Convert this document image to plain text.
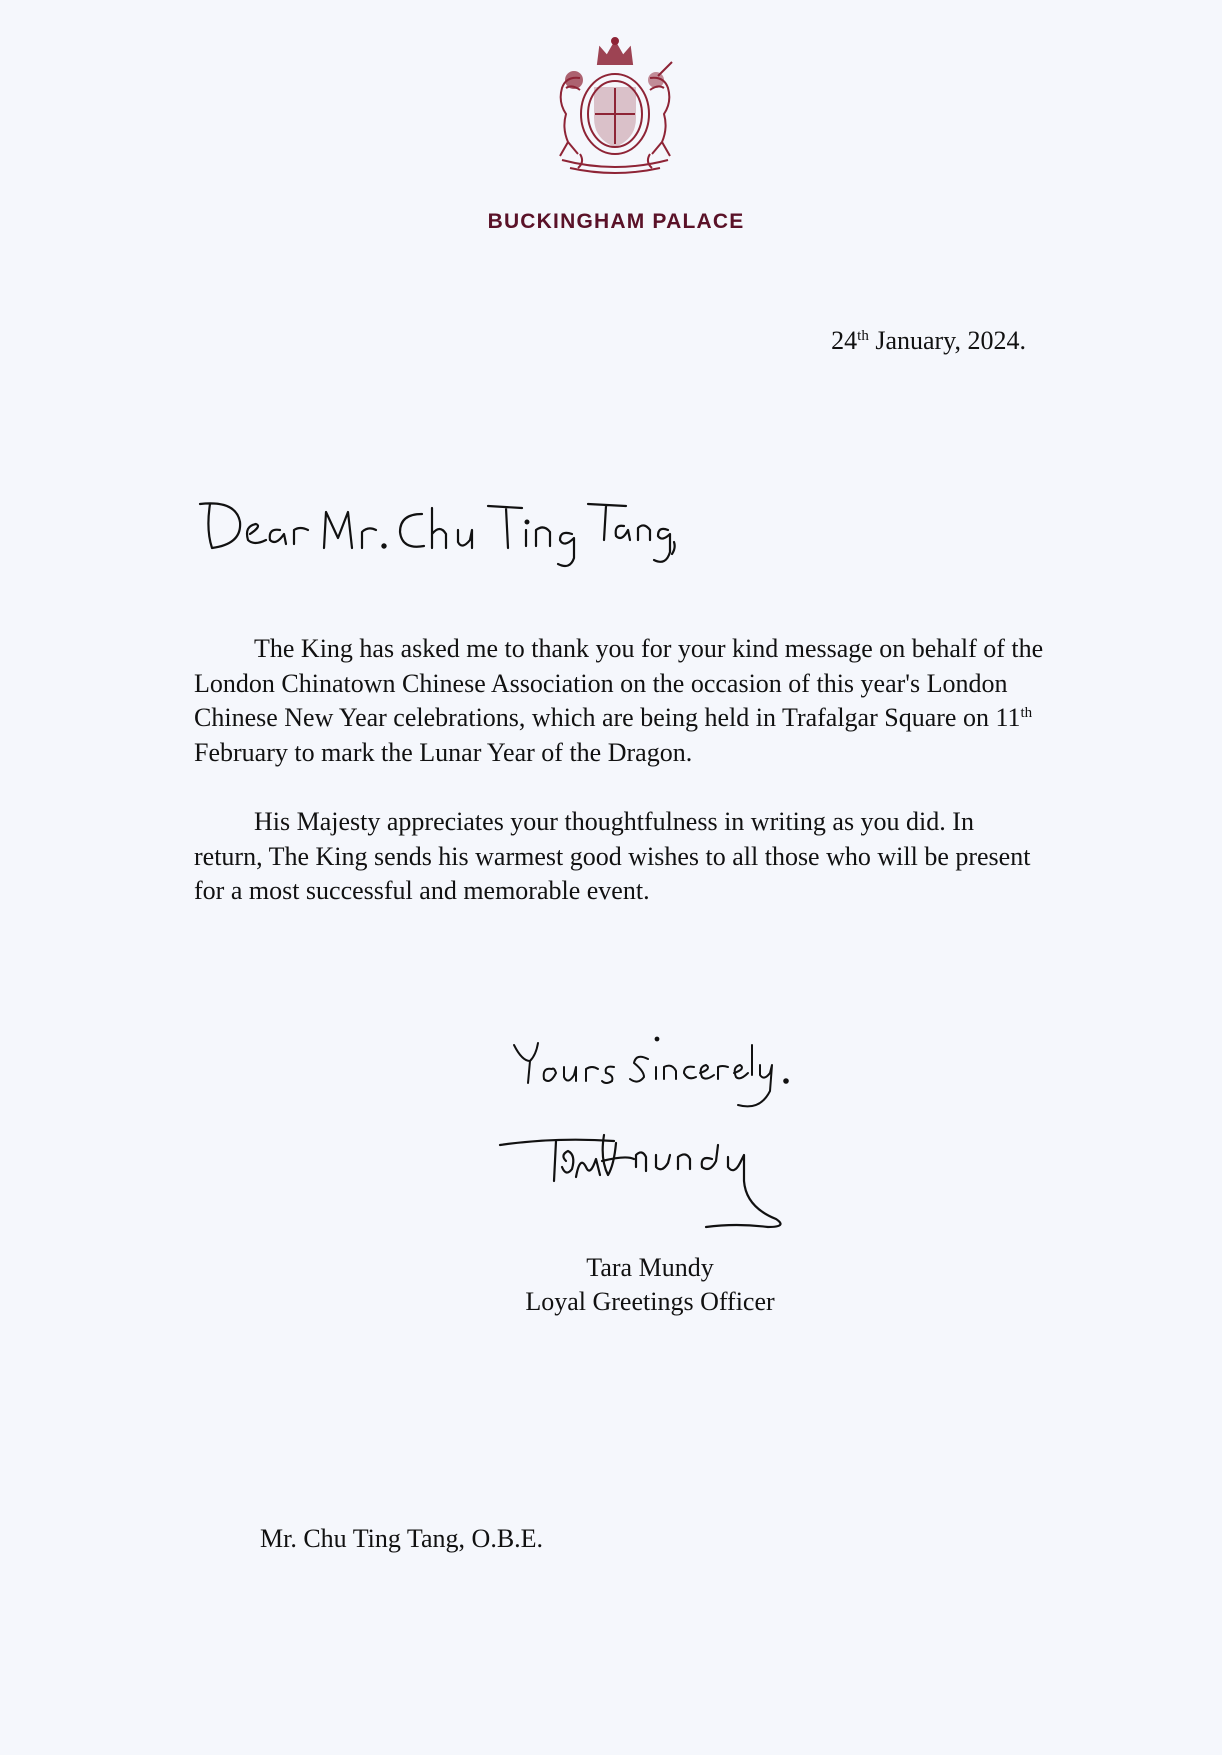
BUCKINGHAM PALACE
24th January, 2024.

The King has asked me to thank you for your kind message on behalf of the London Chinatown Chinese Association on the occasion of this year's London Chinese New Year celebrations, which are being held in Trafalgar Square on 11th February to mark the Lunar Year of the Dragon.

His Majesty appreciates your thoughtfulness in writing as you did. In return, The King sends his warmest good wishes to all those who will be present for a most successful and memorable event.

Tara Mundy
Loyal Greetings Officer
Mr. Chu Ting Tang, O.B.E.
